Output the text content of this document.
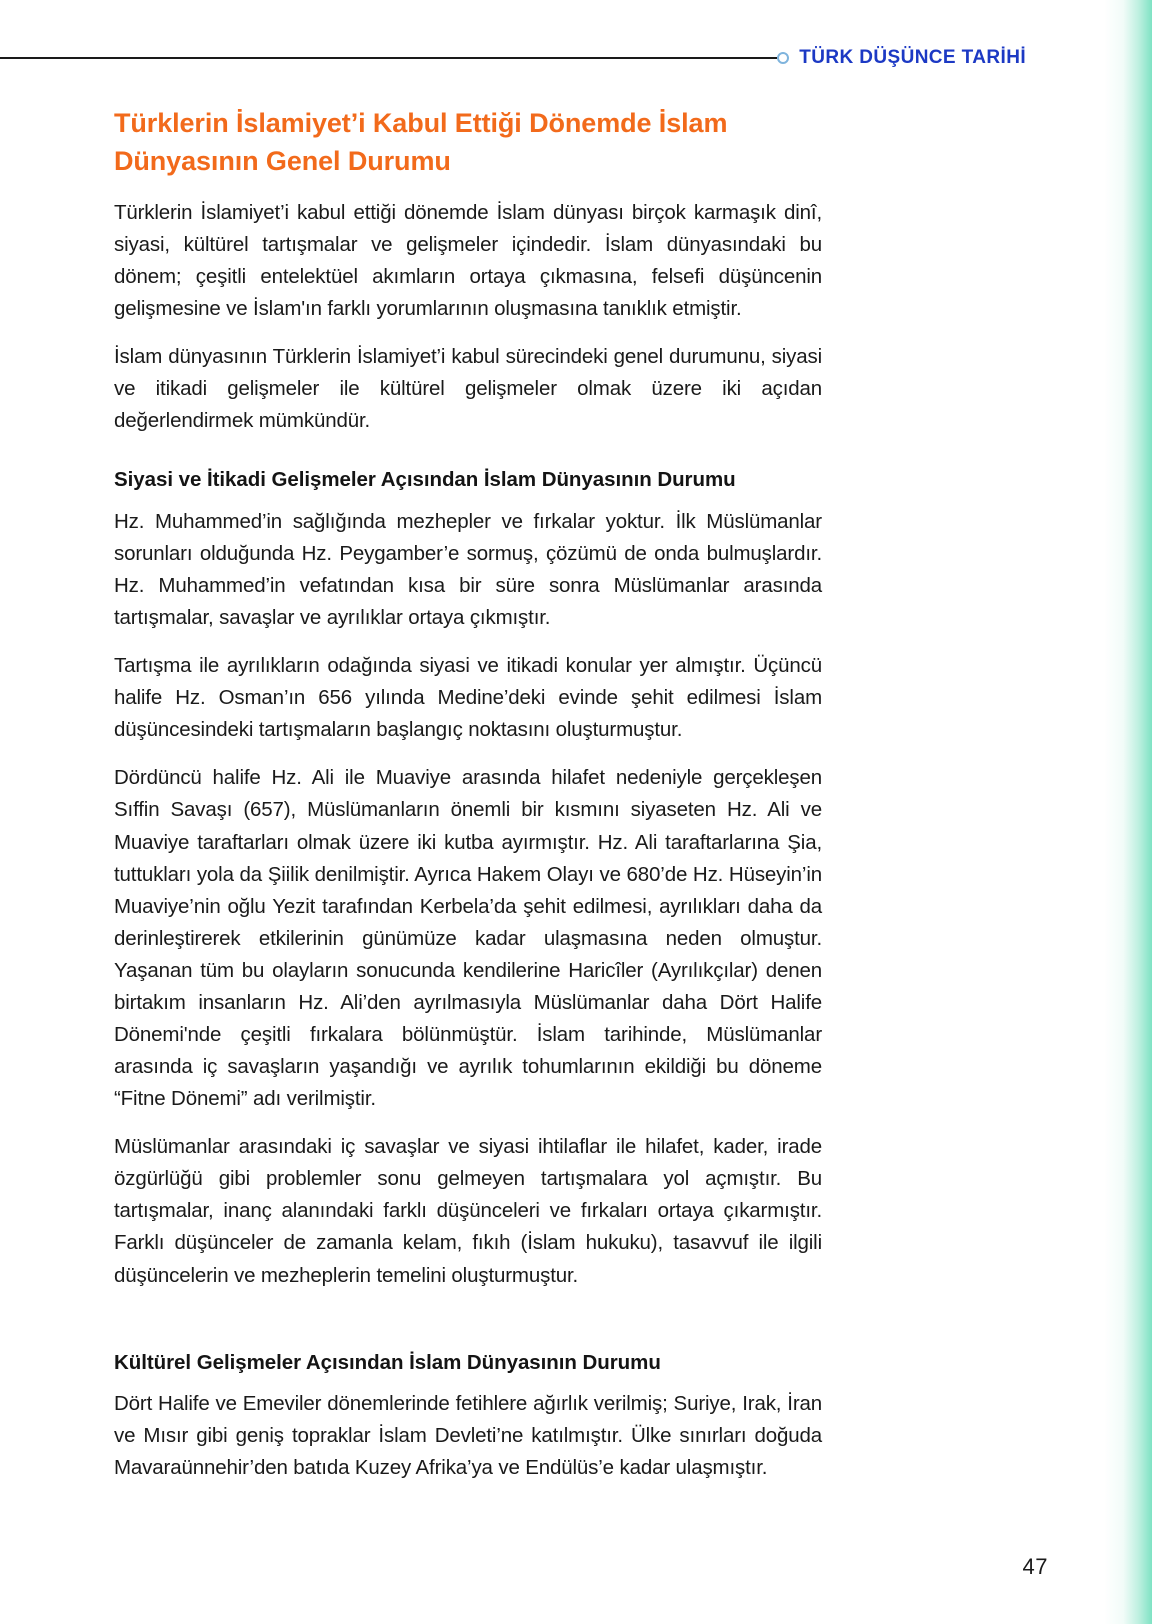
TÜRK DÜŞÜNCE TARİHİ
Türklerin İslamiyet’i Kabul Ettiği Dönemde İslam Dünyasının Genel Durumu

Türklerin İslamiyet’i kabul ettiği dönemde İslam dünyası birçok karmaşık dinî, siyasi, kültürel tartışmalar ve gelişmeler içindedir. İslam dünyasındaki bu dönem; çeşitli entelektüel akımların ortaya çıkmasına, felsefi düşüncenin gelişmesine ve İslam'ın farklı yorumlarının oluşmasına tanıklık etmiştir.

İslam dünyasının Türklerin İslamiyet’i kabul sürecindeki genel durumunu, siyasi ve itikadi gelişmeler ile kültürel gelişmeler olmak üzere iki açıdan değerlendirmek mümkündür.

Siyasi ve İtikadi Gelişmeler Açısından İslam Dünyasının Durumu

Hz. Muhammed’in sağlığında mezhepler ve fırkalar yoktur. İlk Müslümanlar sorunları olduğunda Hz. Peygamber’e sormuş, çözümü de onda bulmuşlardır. Hz. Muhammed’in vefatından kısa bir süre sonra Müslümanlar arasında tartışmalar, savaşlar ve ayrılıklar ortaya çıkmıştır.

Tartışma ile ayrılıkların odağında siyasi ve itikadi konular yer almıştır. Üçüncü halife Hz. Osman’ın 656 yılında Medine’deki evinde şehit edilmesi İslam düşüncesindeki tartışmaların başlangıç noktasını oluşturmuştur.

Dördüncü halife Hz. Ali ile Muaviye arasında hilafet nedeniyle gerçekleşen Sıffin Savaşı (657), Müslümanların önemli bir kısmını siyaseten Hz. Ali ve Muaviye taraftarları olmak üzere iki kutba ayırmıştır. Hz. Ali taraftarlarına Şia, tuttukları yola da Şiilik denilmiştir. Ayrıca Hakem Olayı ve 680’de Hz. Hüseyin’in Muaviye’nin oğlu Yezit tarafından Kerbela’da şehit edilmesi, ayrılıkları daha da derinleştirerek etkilerinin günümüze kadar ulaşmasına neden olmuştur. Yaşanan tüm bu olayların sonucunda kendilerine Haricîler (Ayrılıkçılar) denen birtakım insanların Hz. Ali’den ayrılmasıyla Müslümanlar daha Dört Halife Dönemi'nde çeşitli fırkalara bölünmüştür. İslam tarihinde, Müslümanlar arasında iç savaşların yaşandığı ve ayrılık tohumlarının ekildiği bu döneme “Fitne Dönemi” adı verilmiştir.

Müslümanlar arasındaki iç savaşlar ve siyasi ihtilaflar ile hilafet, kader, irade özgürlüğü gibi problemler sonu gelmeyen tartışmalara yol açmıştır. Bu tartışmalar, inanç alanındaki farklı düşünceleri ve fırkaları ortaya çıkarmıştır. Farklı düşünceler de zamanla kelam, fıkıh (İslam hukuku), tasavvuf ile ilgili düşüncelerin ve mezheplerin temelini oluşturmuştur.

Kültürel Gelişmeler Açısından İslam Dünyasının Durumu

Dört Halife ve Emeviler dönemlerinde fetihlere ağırlık verilmiş; Suriye, Irak, İran ve Mısır gibi geniş topraklar İslam Devleti’ne katılmıştır. Ülke sınırları doğuda Mavaraünnehir’den batıda Kuzey Afrika’ya ve Endülüs’e kadar ulaşmıştır.

47
